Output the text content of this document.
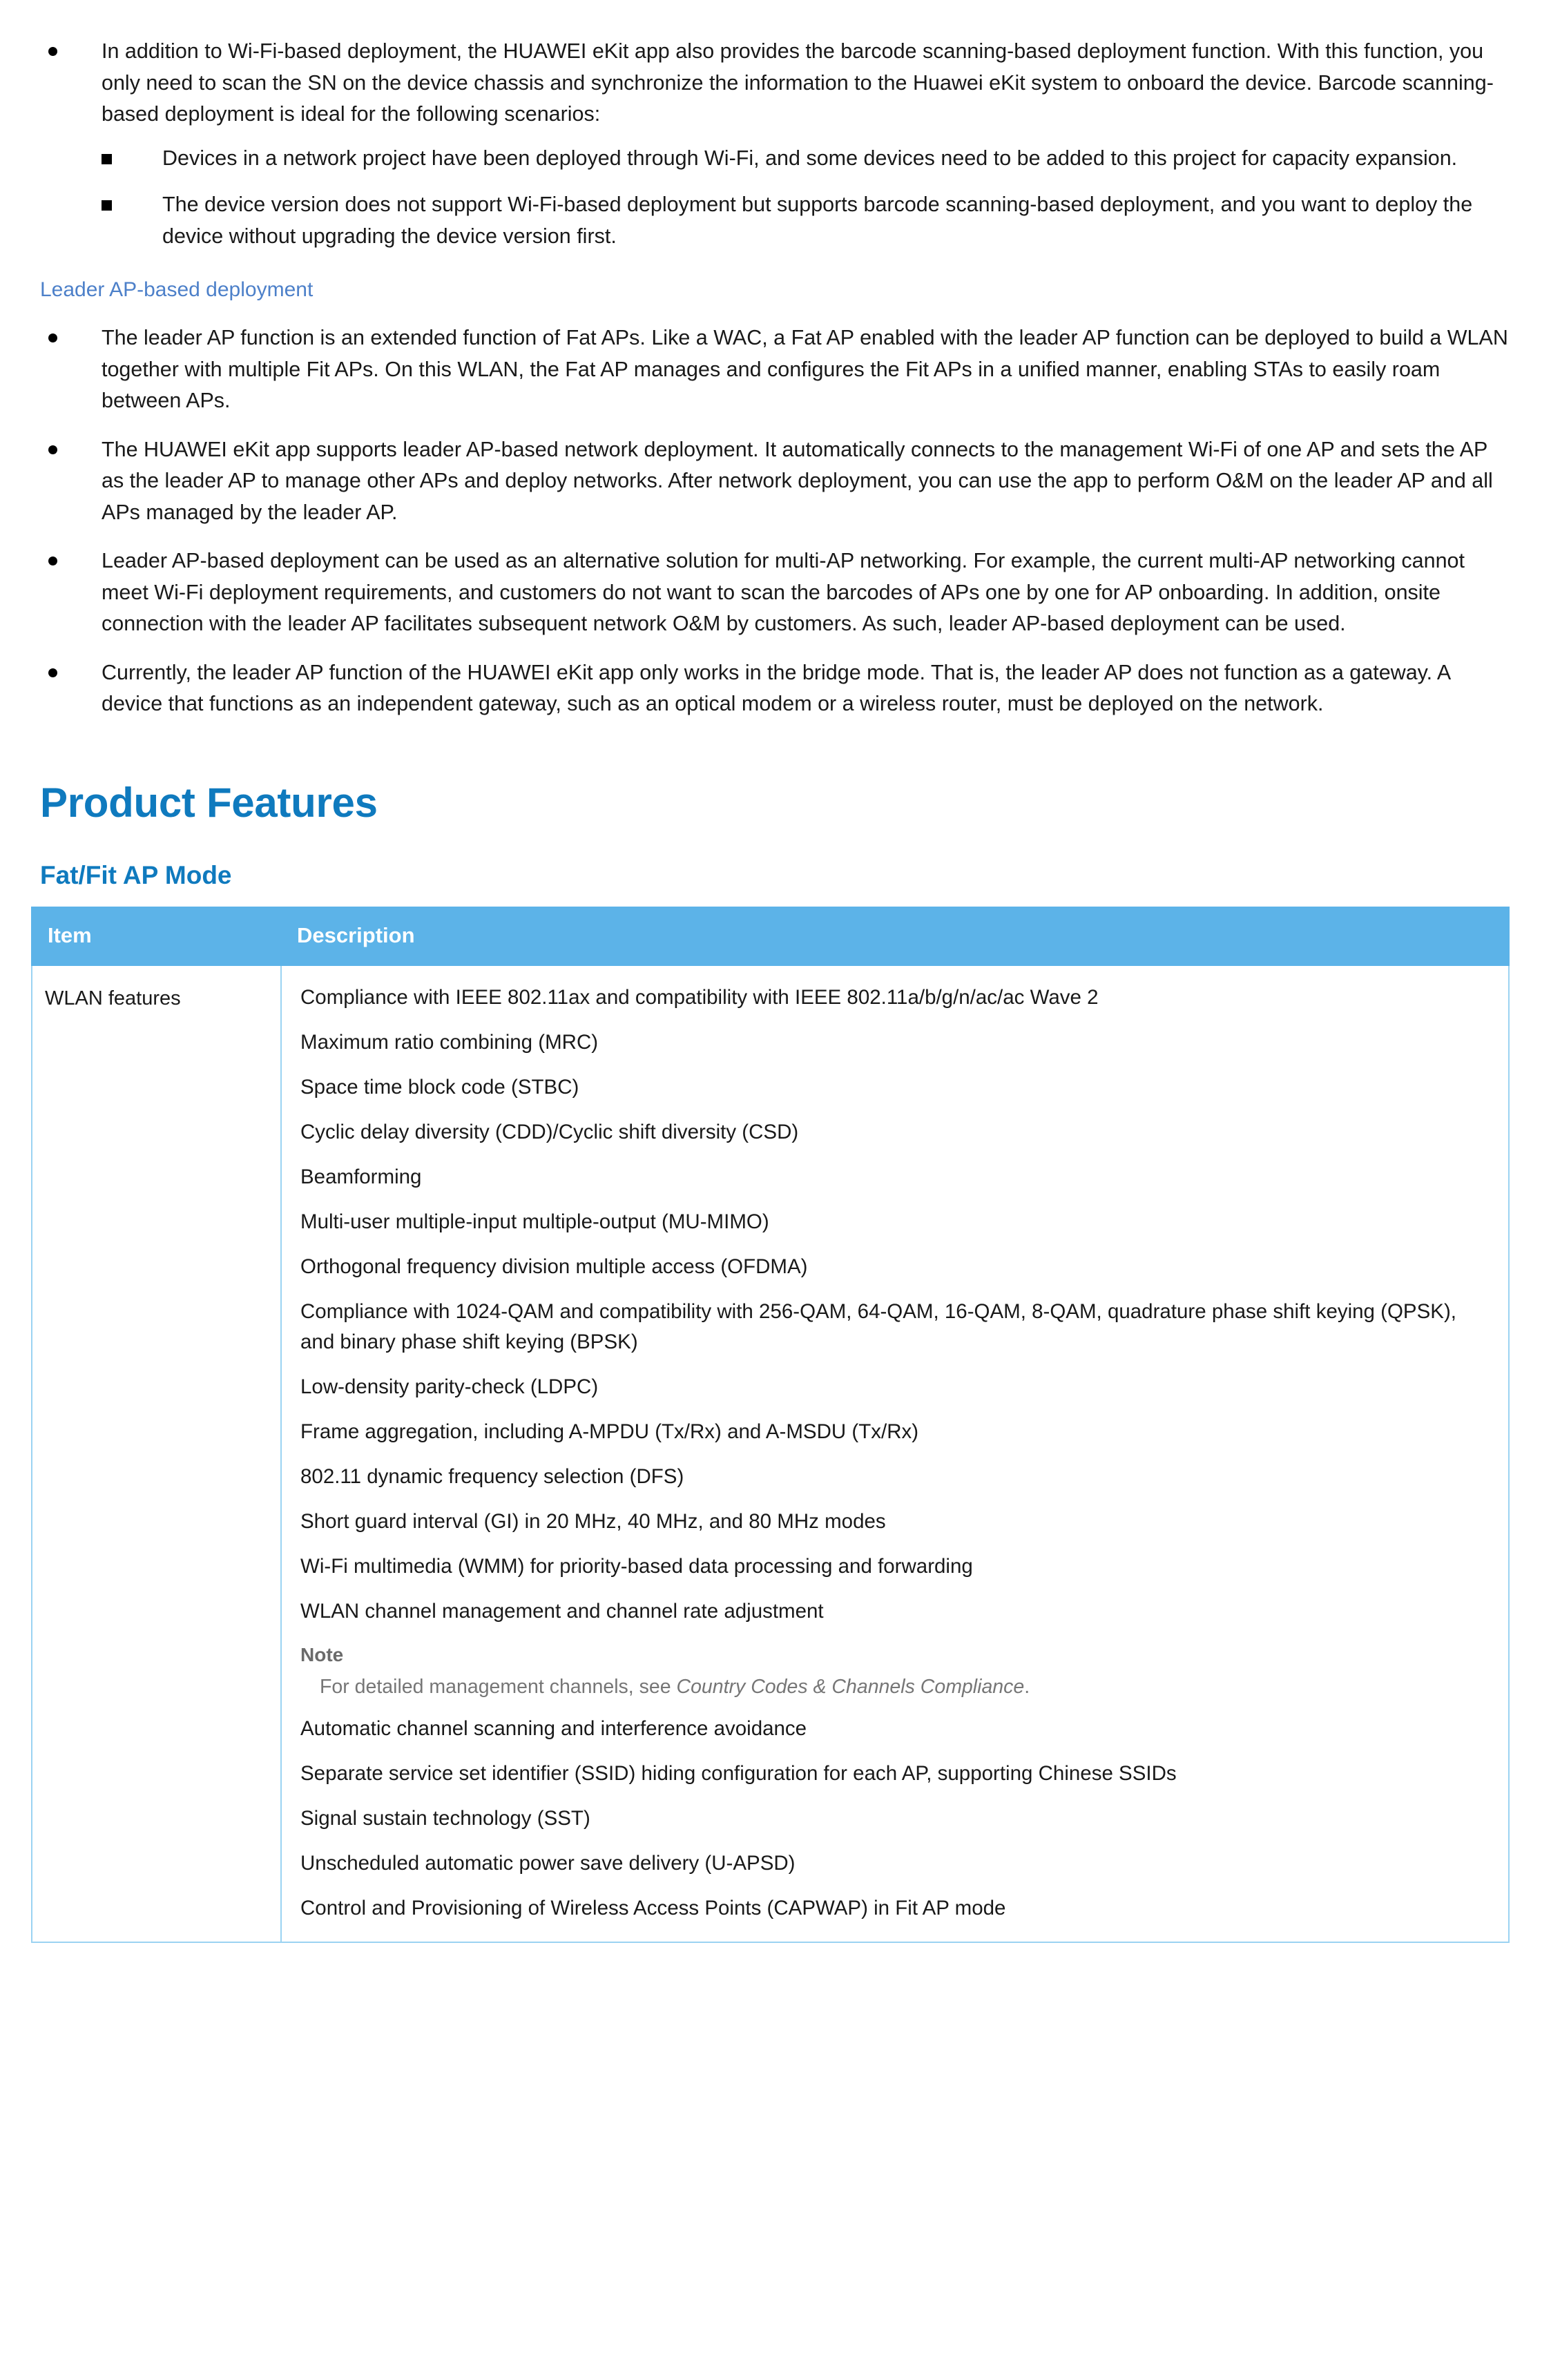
In addition to Wi-Fi-based deployment, the HUAWEI eKit app also provides the barcode scanning-based deployment function. With this function, you only need to scan the SN on the device chassis and synchronize the information to the Huawei eKit system to onboard the device. Barcode scanning-based deployment is ideal for the following scenarios:
Devices in a network project have been deployed through Wi-Fi, and some devices need to be added to this project for capacity expansion.
The device version does not support Wi-Fi-based deployment but supports barcode scanning-based deployment, and you want to deploy the device without upgrading the device version first.
Leader AP-based deployment
The leader AP function is an extended function of Fat APs. Like a WAC, a Fat AP enabled with the leader AP function can be deployed to build a WLAN together with multiple Fit APs. On this WLAN, the Fat AP manages and configures the Fit APs in a unified manner, enabling STAs to easily roam between APs.
The HUAWEI eKit app supports leader AP-based network deployment. It automatically connects to the management Wi-Fi of one AP and sets the AP as the leader AP to manage other APs and deploy networks. After network deployment, you can use the app to perform O&M on the leader AP and all APs managed by the leader AP.
Leader AP-based deployment can be used as an alternative solution for multi-AP networking. For example, the current multi-AP networking cannot meet Wi-Fi deployment requirements, and customers do not want to scan the barcodes of APs one by one for AP onboarding. In addition, onsite connection with the leader AP facilitates subsequent network O&M by customers. As such, leader AP-based deployment can be used.
Currently, the leader AP function of the HUAWEI eKit app only works in the bridge mode. That is, the leader AP does not function as a gateway. A device that functions as an independent gateway, such as an optical modem or a wireless router, must be deployed on the network.
Product Features
Fat/Fit AP Mode
Item	Description
WLAN features	Compliance with IEEE 802.11ax and compatibility with IEEE 802.11a/b/g/n/ac/ac Wave 2
Maximum ratio combining (MRC)
Space time block code (STBC)
Cyclic delay diversity (CDD)/Cyclic shift diversity (CSD)
Beamforming
Multi-user multiple-input multiple-output (MU-MIMO)
Orthogonal frequency division multiple access (OFDMA)
Compliance with 1024-QAM and compatibility with 256-QAM, 64-QAM, 16-QAM, 8-QAM, quadrature phase shift keying (QPSK), and binary phase shift keying (BPSK)
Low-density parity-check (LDPC)
Frame aggregation, including A-MPDU (Tx/Rx) and A-MSDU (Tx/Rx)
802.11 dynamic frequency selection (DFS)
Short guard interval (GI) in 20 MHz, 40 MHz, and 80 MHz modes
Wi-Fi multimedia (WMM) for priority-based data processing and forwarding
WLAN channel management and channel rate adjustment
Note
For detailed management channels, see Country Codes & Channels Compliance.
Automatic channel scanning and interference avoidance
Separate service set identifier (SSID) hiding configuration for each AP, supporting Chinese SSIDs
Signal sustain technology (SST)
Unscheduled automatic power save delivery (U-APSD)
Control and Provisioning of Wireless Access Points (CAPWAP) in Fit AP mode
